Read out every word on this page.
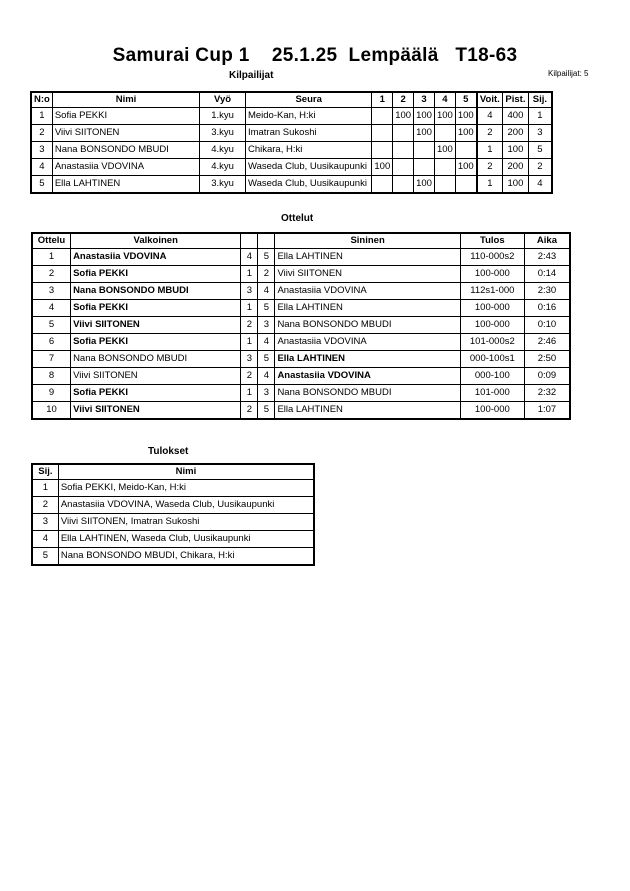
Samurai Cup 1    25.1.25  Lempäälä   T18-63
Kilpailijat: 5
Kilpailijat
N:o	Nimi	Vyö	Seura	1	2	3	4	5	Voit.	Pist.	Sij.
1	Sofia PEKKI	1.kyu	Meido-Kan, H:ki		100	100	100	100	4	400	1
2	Viivi SIITONEN	3.kyu	Imatran Sukoshi			100		100	2	200	3
3	Nana BONSONDO MBUDI	4.kyu	Chikara, H:ki				100		1	100	5
4	Anastasiia VDOVINA	4.kyu	Waseda Club, Uusikaupunki	100				100	2	200	2
5	Ella LAHTINEN	3.kyu	Waseda Club, Uusikaupunki			100			1	100	4
Ottelut
Ottelu	Valkoinen			Sininen	Tulos	Aika
1	Anastasiia VDOVINA	4	5	Ella LAHTINEN	110-000s2	2:43
2	Sofia PEKKI	1	2	Viivi SIITONEN	100-000	0:14
3	Nana BONSONDO MBUDI	3	4	Anastasiia VDOVINA	112s1-000	2:30
4	Sofia PEKKI	1	5	Ella LAHTINEN	100-000	0:16
5	Viivi SIITONEN	2	3	Nana BONSONDO MBUDI	100-000	0:10
6	Sofia PEKKI	1	4	Anastasiia VDOVINA	101-000s2	2:46
7	Nana BONSONDO MBUDI	3	5	Ella LAHTINEN	000-100s1	2:50
8	Viivi SIITONEN	2	4	Anastasiia VDOVINA	000-100	0:09
9	Sofia PEKKI	1	3	Nana BONSONDO MBUDI	101-000	2:32
10	Viivi SIITONEN	2	5	Ella LAHTINEN	100-000	1:07
Tulokset
Sij.	Nimi
1	Sofia PEKKI, Meido-Kan, H:ki
2	Anastasiia VDOVINA, Waseda Club, Uusikaupunki
3	Viivi SIITONEN, Imatran Sukoshi
4	Ella LAHTINEN, Waseda Club, Uusikaupunki
5	Nana BONSONDO MBUDI, Chikara, H:ki
